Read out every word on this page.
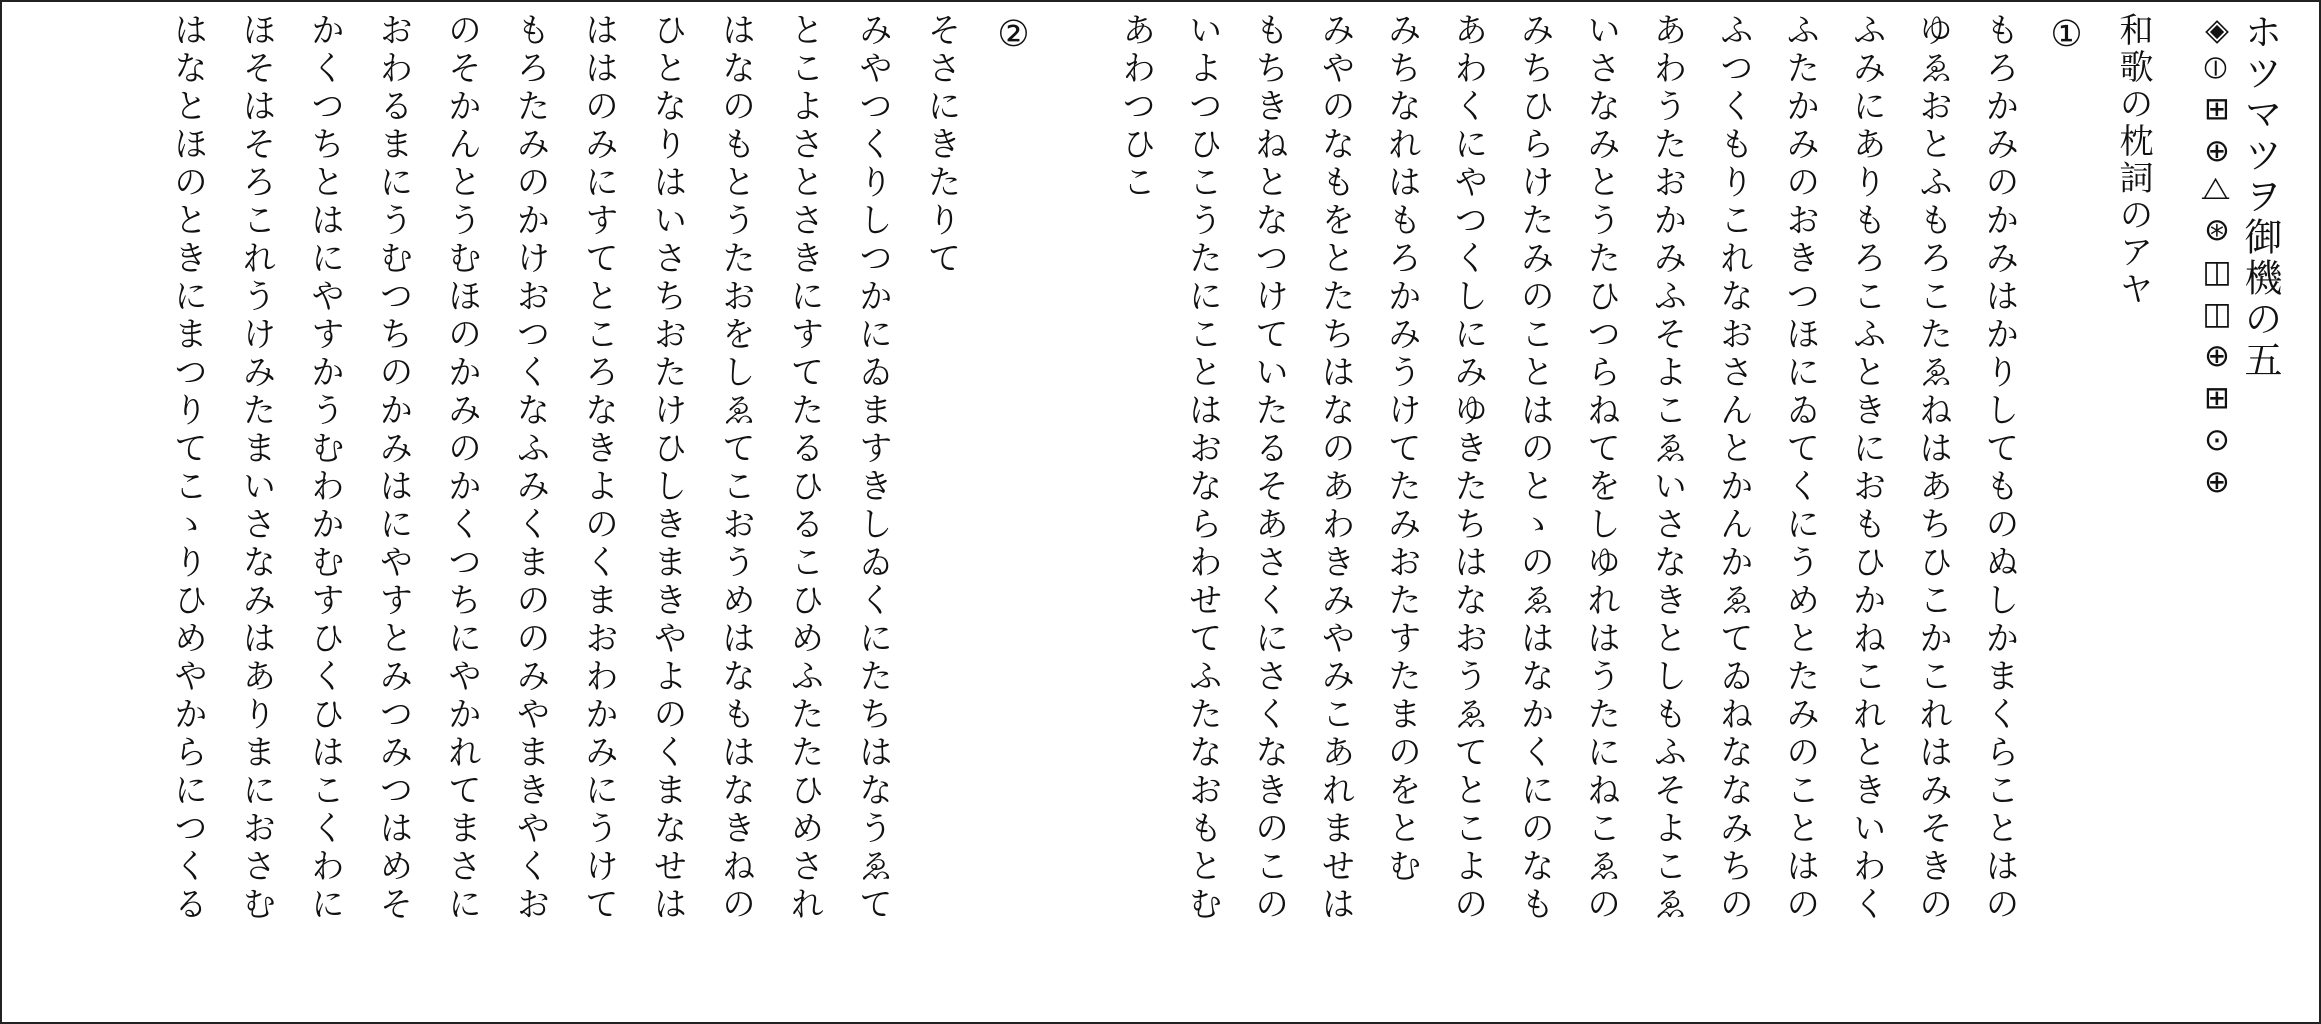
ホツマツヲ御機の五
◈⦶⊞⊕⧍⊛◫◫⊕⊞⊙⊕
和歌の枕詞のアヤ
①
もろかみのかみはかりしてものぬしかまくらことはの
ゆゑおとふもろこたゑねはあちひこかこれはみそきの
ふみにありもろこふときにおもひかねこれときいわく
ふたかみのおきつほにゐてくにうめとたみのことはの
ふつくもりこれなおさんとかんかゑてゐねななみちの
あわうたおかみふそよこゑいさなきとしもふそよこゑ
いさなみとうたひつらねてをしゆれはうたにねこゑの
みちひらけたみのことはのとゝのゑはなかくにのなも
あわくにやつくしにみゆきたちはなおうゑてとこよの
みちなれはもろかみうけてたみおたすたまのをとむ
みやのなもをとたちはなのあわきみやみこあれませは
もちきねとなつけていたるそあさくにさくなきのこの
いよつひこうたにことはおならわせてふたなおもとむ
あわつひこ
②
そさにきたりて
みやつくりしつかにゐますきしゐくにたちはなうゑて
とこよさとさきにすてたるひるこひめふたたひめされ
はなのもとうたおをしゑてこおうめはなもはなきねの
ひとなりはいさちおたけひしきまきやよのくまなせは
ははのみにすてところなきよのくまおわかみにうけて
もろたみのかけおつくなふみくまののみやまきやくお
のそかんとうむほのかみのかくつちにやかれてまさに
おわるまにうむつちのかみはにやすとみつみつはめそ
かくつちとはにやすかうむわかむすひくひはこくわに
ほそはそろこれうけみたまいさなみはありまにおさむ
はなとほのときにまつりてこゝりひめやからにつくる
